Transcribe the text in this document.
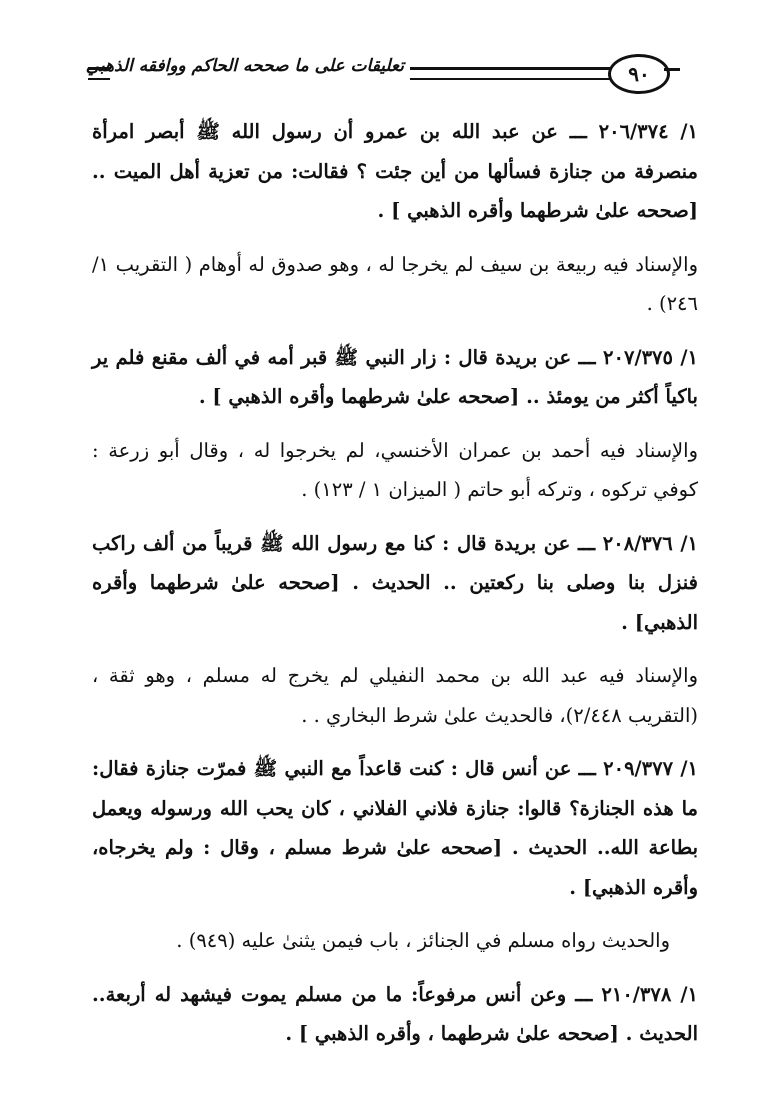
تعليقات على ما صححه الحاكم ووافقه الذهبي	٩٠

١/ ٢٠٦/٣٧٤ ـــ عن عبد الله بن عمرو أن رسول الله ﷺ أبصر امرأة منصرفة من جنازة فسألها من أين جئت ؟ فقالت: من تعزية أهل الميت .. [صححه علىٰ شرطهما وأقره الذهبي ] .

والإسناد فيه ربيعة بن سيف لم يخرجا له ، وهو صدوق له أوهام ( التقريب ١/ ٢٤٦) .

١/ ٢٠٧/٣٧٥ ـــ عن بريدة قال : زار النبي ﷺ قبر أمه في ألف مقنع فلم ير باكياً أكثر من يومئذ .. [صححه علىٰ شرطهما وأقره الذهبي ] .

والإسناد فيه أحمد بن عمران الأخنسي، لم يخرجوا له ، وقال أبو زرعة : كوفي تركوه ، وتركه أبو حاتم ( الميزان ١ / ١٢٣) .

١/ ٢٠٨/٣٧٦ ـــ عن بريدة قال : كنا مع رسول الله ﷺ قريباً من ألف راكب فنزل بنا وصلى بنا ركعتين .. الحديث . [صححه علىٰ شرطهما وأقره الذهبي] .

والإسناد فيه عبد الله بن محمد النفيلي لم يخرج له مسلم ، وهو ثقة ، (التقريب ٢/٤٤٨)، فالحديث علىٰ شرط البخاري . .

١/ ٢٠٩/٣٧٧ ـــ عن أنس قال : كنت قاعداً مع النبي ﷺ فمرّت جنازة فقال: ما هذه الجنازة؟ قالوا: جنازة فلاني الفلاني ، كان يحب الله ورسوله ويعمل بطاعة الله.. الحديث . [صححه علىٰ شرط مسلم ، وقال : ولم يخرجاه، وأقره الذهبي] .

والحديث رواه مسلم في الجنائز ، باب فيمن يثنىٰ عليه (٩٤٩) .

١/ ٢١٠/٣٧٨ ـــ وعن أنس مرفوعاً: ما من مسلم يموت فيشهد له أربعة.. الحديث . [صححه علىٰ شرطهما ، وأقره الذهبي ] .
